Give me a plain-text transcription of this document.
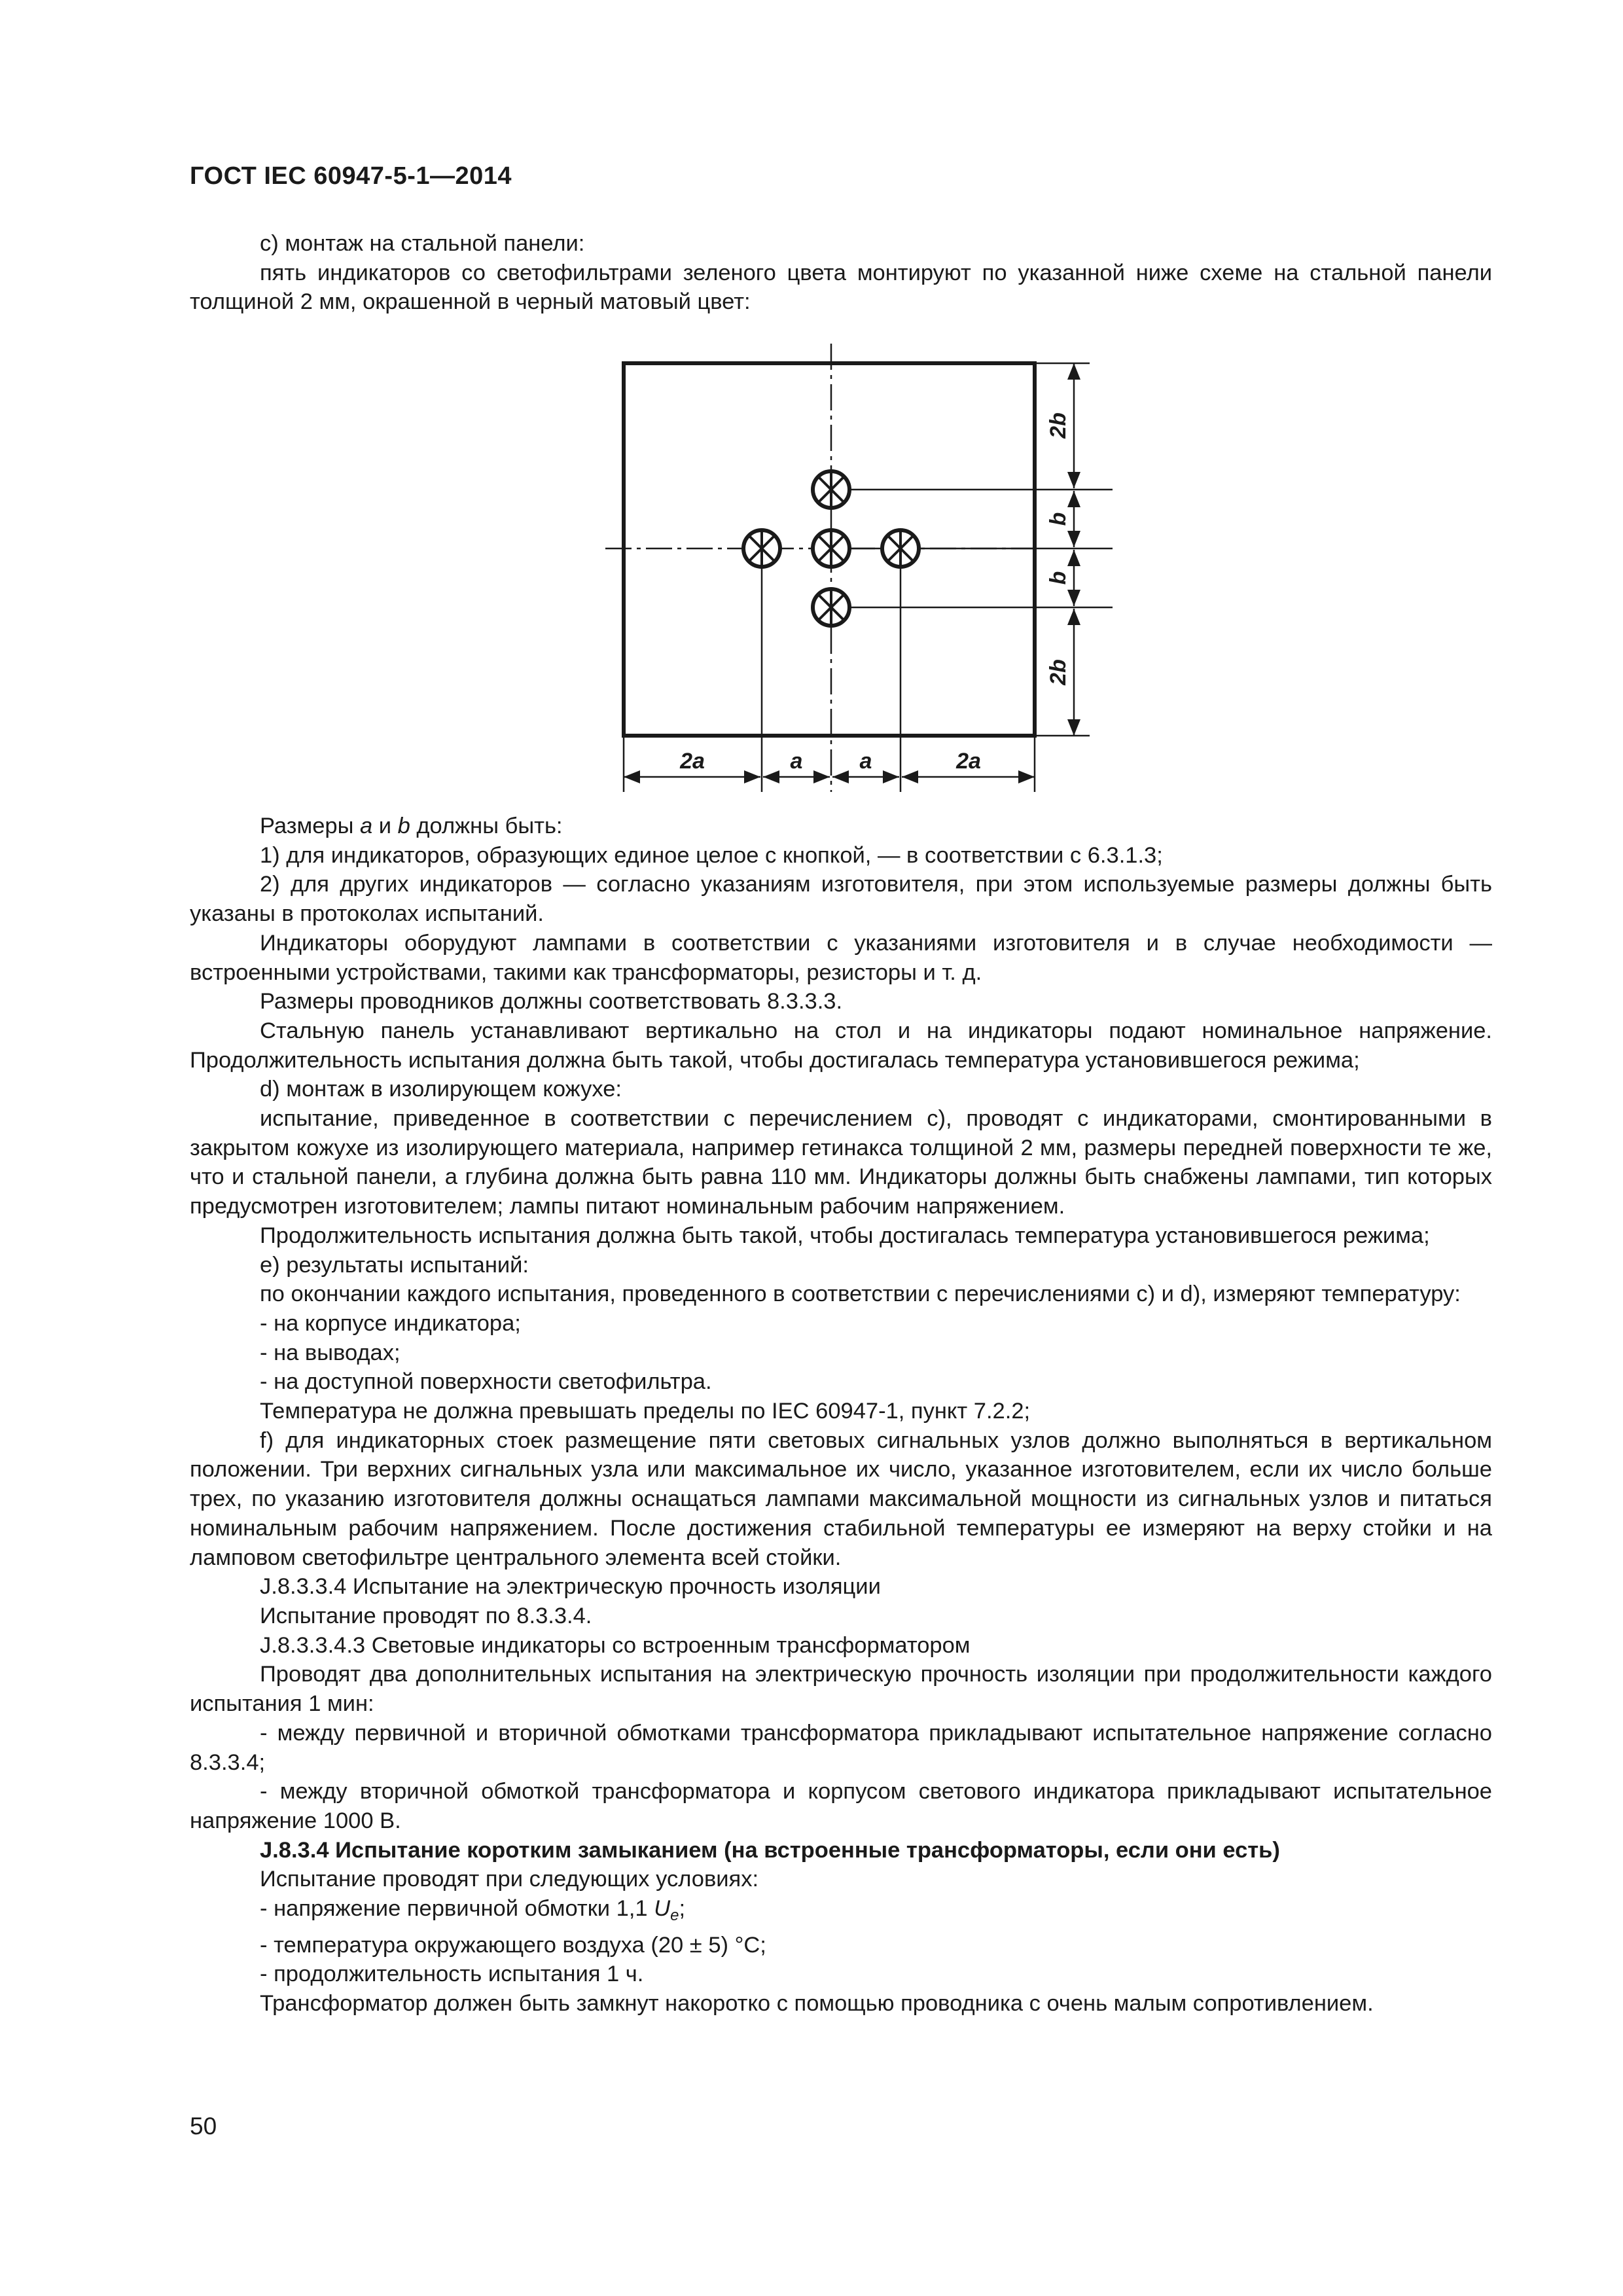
ГОСТ IEC 60947-5-1—2014

c) монтаж на стальной панели:

пять индикаторов со светофильтрами зеленого цвета монтируют по указанной ниже схеме на стальной панели толщиной 2 мм, окрашенной в черный матовый цвет:

2a	a	a	2a
2b
b
b
2b

Размеры a и b должны быть:

1) для индикаторов, образующих единое целое с кнопкой, — в соответствии с 6.3.1.3;

2) для других индикаторов — согласно указаниям изготовителя, при этом используемые размеры должны быть указаны в протоколах испытаний.

Индикаторы оборудуют лампами в соответствии с указаниями изготовителя и в случае необходимости — встроенными устройствами, такими как трансформаторы, резисторы и т. д.

Размеры проводников должны соответствовать 8.3.3.3.

Стальную панель устанавливают вертикально на стол и на индикаторы подают номинальное напряжение. Продолжительность испытания должна быть такой, чтобы достигалась температура установившегося режима;

d) монтаж в изолирующем кожухе:

испытание, приведенное в соответствии с перечислением с), проводят с индикаторами, смонтированными в закрытом кожухе из изолирующего материала, например гетинакса толщиной 2 мм, размеры передней поверхности те же, что и стальной панели, а глубина должна быть равна 110 мм. Индикаторы должны быть снабжены лампами, тип которых предусмотрен изготовителем; лампы питают номинальным рабочим напряжением.

Продолжительность испытания должна быть такой, чтобы достигалась температура установившегося режима;

e) результаты испытаний:

по окончании каждого испытания, проведенного в соответствии с перечислениями c) и d), измеряют температуру:

- на корпусе индикатора;

- на выводах;

- на доступной поверхности светофильтра.

Температура не должна превышать пределы по IEC 60947-1, пункт 7.2.2;

f) для индикаторных стоек размещение пяти световых сигнальных узлов должно выполняться в вертикальном положении. Три верхних сигнальных узла или максимальное их число, указанное изготовителем, если их число больше трех, по указанию изготовителя должны оснащаться лампами максимальной мощности из сигнальных узлов и питаться номинальным рабочим напряжением. После достижения стабильной температуры ее измеряют на верху стойки и на ламповом светофильтре центрального элемента всей стойки.

J.8.3.3.4 Испытание на электрическую прочность изоляции

Испытание проводят по 8.3.3.4.

J.8.3.3.4.3 Световые индикаторы со встроенным трансформатором

Проводят два дополнительных испытания на электрическую прочность изоляции при продолжительности каждого испытания 1 мин:

- между первичной и вторичной обмотками трансформатора прикладывают испытательное напряжение согласно 8.3.3.4;

- между вторичной обмоткой трансформатора и корпусом светового индикатора прикладывают испытательное напряжение 1000 В.

J.8.3.4 Испытание коротким замыканием (на встроенные трансформаторы, если они есть)

Испытание проводят при следующих условиях:

- напряжение первичной обмотки 1,1 $U_e$;

- температура окружающего воздуха (20 ± 5) °С;

- продолжительность испытания 1 ч.

Трансформатор должен быть замкнут накоротко с помощью проводника с очень малым сопротивлением.

50
